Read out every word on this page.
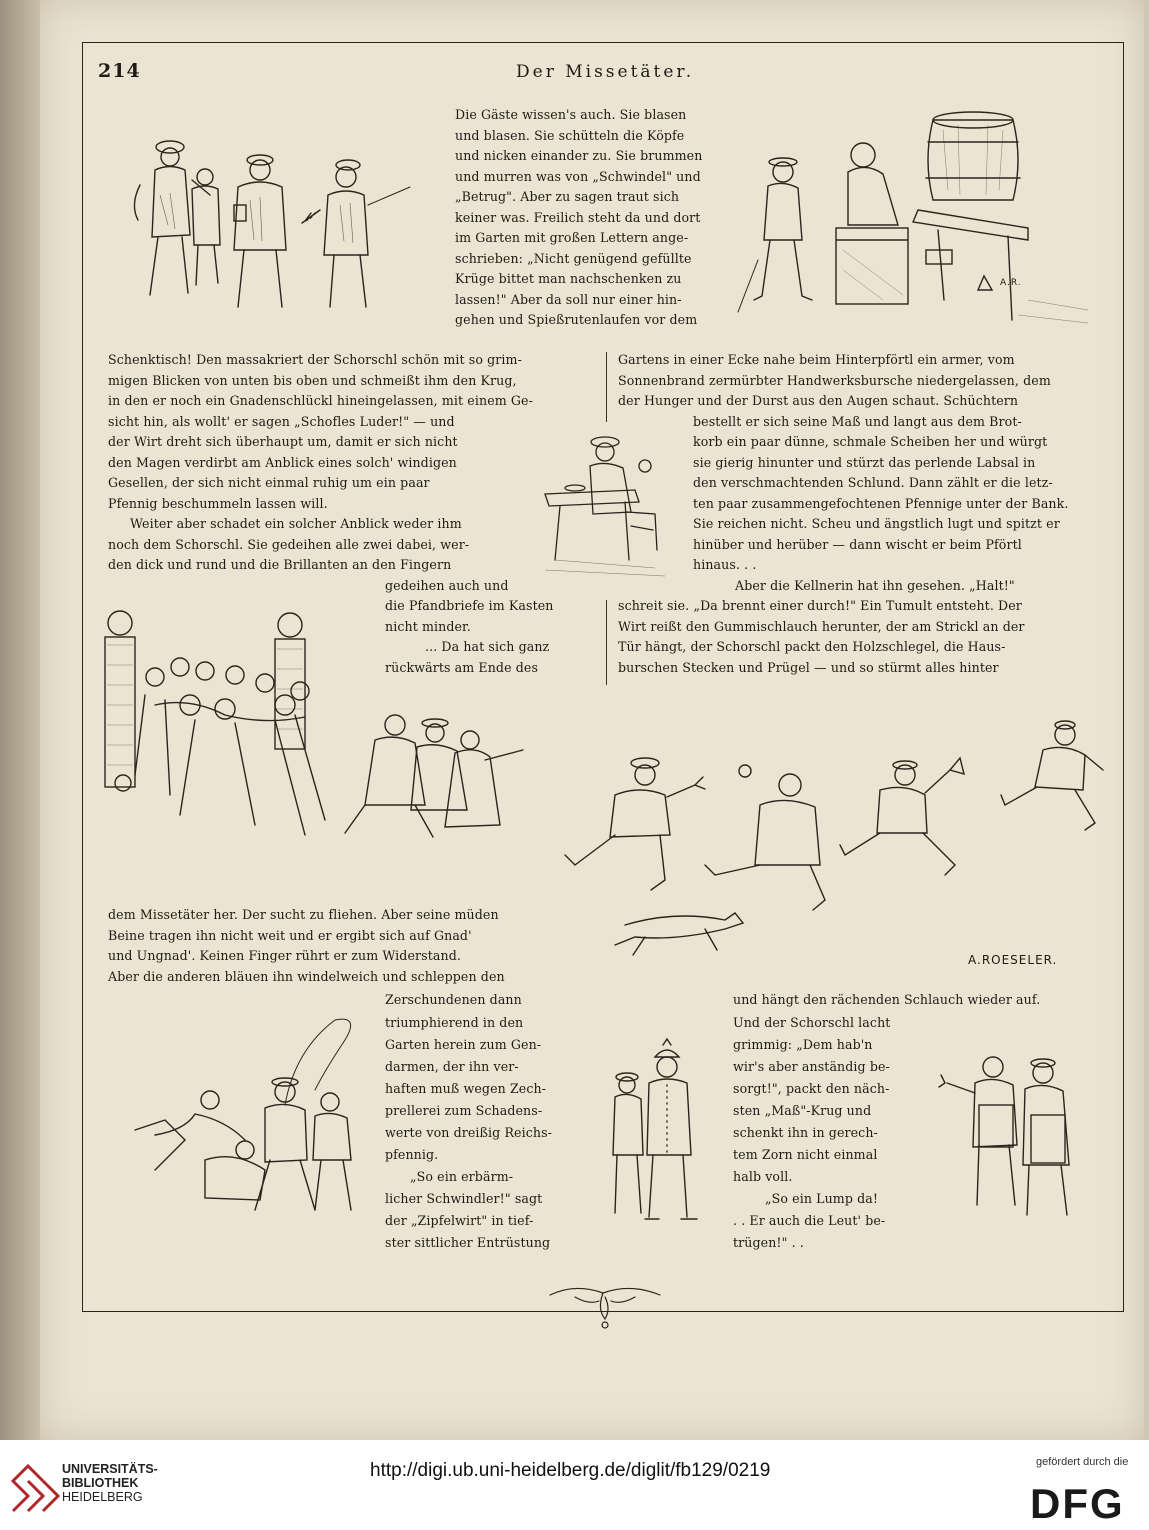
214	Der Missetäter.
Die Gäste wissen's auch. Sie blasen
und blasen. Sie schütteln die Köpfe
und nicken einander zu. Sie brummen
und murren was von „Schwindel" und
„Betrug". Aber zu sagen traut sich
keiner was. Freilich steht da und dort
im Garten mit großen Lettern ange-
schrieben: „Nicht genügend gefüllte
Krüge bittet man nachschenken zu
lassen!" Aber da soll nur einer hin-
gehen und Spießrutenlaufen vor dem
A.R.
Schenktisch! Den massakriert der Schorschl schön mit so grim-
migen Blicken von unten bis oben und schmeißt ihm den Krug,
in den er noch ein Gnadenschlückl hineingelassen, mit einem Ge-
sicht hin, als wollt' er sagen „Schofles Luder!" — und
der Wirt dreht sich überhaupt um, damit er sich nicht
den Magen verdirbt am Anblick eines solch' windigen
Gesellen, der sich nicht einmal ruhig um ein paar
Pfennig beschummeln lassen will.
Weiter aber schadet ein solcher Anblick weder ihm
noch dem Schorschl. Sie gedeihen alle zwei dabei, wer-
den dick und rund und die Brillanten an den Fingern
gedeihen auch und
die Pfandbriefe im Kasten
nicht minder.
... Da hat sich ganz
rückwärts am Ende des
Gartens in einer Ecke nahe beim Hinterpförtl ein armer, vom
Sonnenbrand zermürbter Handwerksbursche niedergelassen, dem
der Hunger und der Durst aus den Augen schaut. Schüchtern
bestellt er sich seine Maß und langt aus dem Brot-
korb ein paar dünne, schmale Scheiben her und würgt
sie gierig hinunter und stürzt das perlende Labsal in
den verschmachtenden Schlund. Dann zählt er die letz-
ten paar zusammengefochtenen Pfennige unter der Bank.
Sie reichen nicht. Scheu und ängstlich lugt und spitzt er
hinüber und herüber — dann wischt er beim Pförtl
hinaus. . .
Aber die Kellnerin hat ihn gesehen. „Halt!"
schreit sie. „Da brennt einer durch!" Ein Tumult entsteht. Der
Wirt reißt den Gummischlauch herunter, der am Strickl an der
Tür hängt, der Schorschl packt den Holzschlegel, die Haus-
burschen Stecken und Prügel — und so stürmt alles hinter
A.ROESELER.
dem Missetäter her. Der sucht zu fliehen. Aber seine müden
Beine tragen ihn nicht weit und er ergibt sich auf Gnad'
und Ungnad'. Keinen Finger rührt er zum Widerstand.
Aber die anderen bläuen ihn windelweich und schleppen den
Zerschundenen dann
triumphierend in den
Garten herein zum Gen-
darmen, der ihn ver-
haften muß wegen Zech-
prellerei zum Schadens-
werte von dreißig Reichs-
pfennig.
„So ein erbärm-
licher Schwindler!" sagt
der „Zipfelwirt" in tief-
ster sittlicher Entrüstung
und hängt den rächenden Schlauch wieder auf.
Und der Schorschl lacht
grimmig: „Dem hab'n
wir's aber anständig be-
sorgt!", packt den näch-
sten „Maß"-Krug und
schenkt ihn in gerech-
tem Zorn nicht einmal
halb voll.
„So ein Lump da!
. . Er auch die Leut' be-
trügen!" . .
UNIVERSITÄTS-
BIBLIOTHEK
HEIDELBERG
http://digi.ub.uni-heidelberg.de/diglit/fb129/0219	gefördert durch die
DFG
